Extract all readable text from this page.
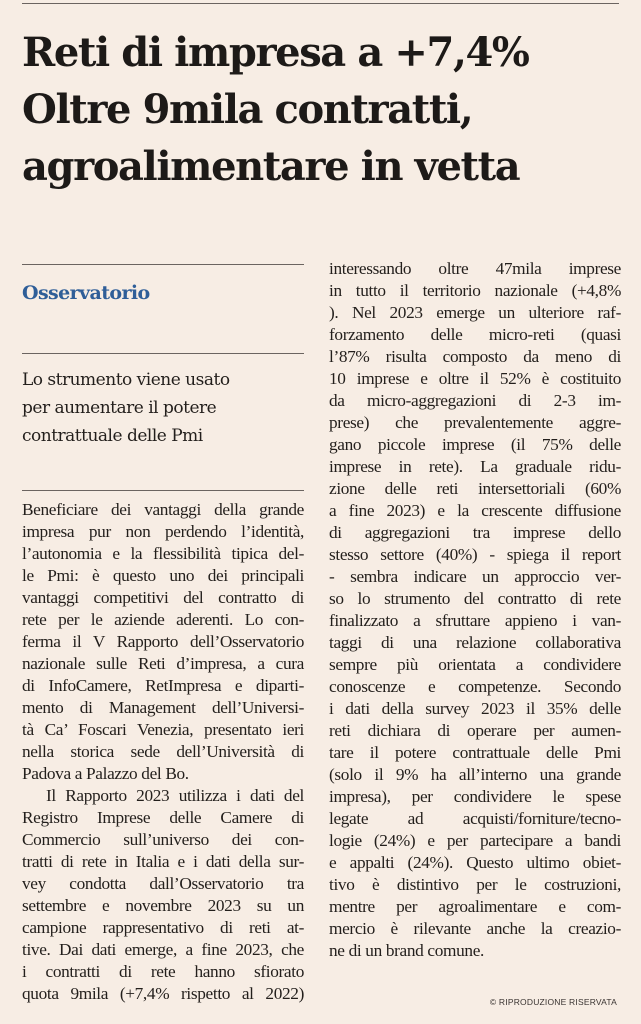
Reti di impresa a +7,4%
Oltre 9mila contratti,
agroalimentare in vetta
Osservatorio
Lo strumento viene usato
per aumentare il potere
contrattuale delle Pmi
Beneficiare dei vantaggi della grande
impresa pur non perdendo l’identità,
l’autonomia e la flessibilità tipica del-
le Pmi: è questo uno dei principali
vantaggi competitivi del contratto di
rete per le aziende aderenti. Lo con-
ferma il V Rapporto dell’Osservatorio
nazionale sulle Reti d’impresa, a cura
di InfoCamere, RetImpresa e diparti-
mento di Management dell’Universi-
tà Ca’ Foscari Venezia, presentato ieri
nella storica sede dell’Università di
Padova a Palazzo del Bo.
Il Rapporto 2023 utilizza i dati del
Registro Imprese delle Camere di
Commercio sull’universo dei con-
tratti di rete in Italia e i dati della sur-
vey condotta dall’Osservatorio tra
settembre e novembre 2023 su un
campione rappresentativo di reti at-
tive. Dai dati emerge, a fine 2023, che
i contratti di rete hanno sfiorato
quota 9mila (+7,4% rispetto al 2022)
interessando oltre 47mila imprese
in tutto il territorio nazionale (+4,8%
). Nel 2023 emerge un ulteriore raf-
forzamento delle micro-reti (quasi
l’87% risulta composto da meno di
10 imprese e oltre il 52% è costituito
da micro-aggregazioni di 2-3 im-
prese) che prevalentemente aggre-
gano piccole imprese (il 75% delle
imprese in rete). La graduale ridu-
zione delle reti intersettoriali (60%
a fine 2023) e la crescente diffusione
di aggregazioni tra imprese dello
stesso settore (40%) - spiega il report
- sembra indicare un approccio ver-
so lo strumento del contratto di rete
finalizzato a sfruttare appieno i van-
taggi di una relazione collaborativa
sempre più orientata a condividere
conoscenze e competenze. Secondo
i dati della survey 2023 il 35% delle
reti dichiara di operare per aumen-
tare il potere contrattuale delle Pmi
(solo il 9% ha all’interno una grande
impresa), per condividere le spese
legate ad acquisti/forniture/tecno-
logie (24%) e per partecipare a bandi
e appalti (24%). Questo ultimo obiet-
tivo è distintivo per le costruzioni,
mentre per agroalimentare e com-
mercio è rilevante anche la creazio-
ne di un brand comune.
© RIPRODUZIONE RISERVATA
